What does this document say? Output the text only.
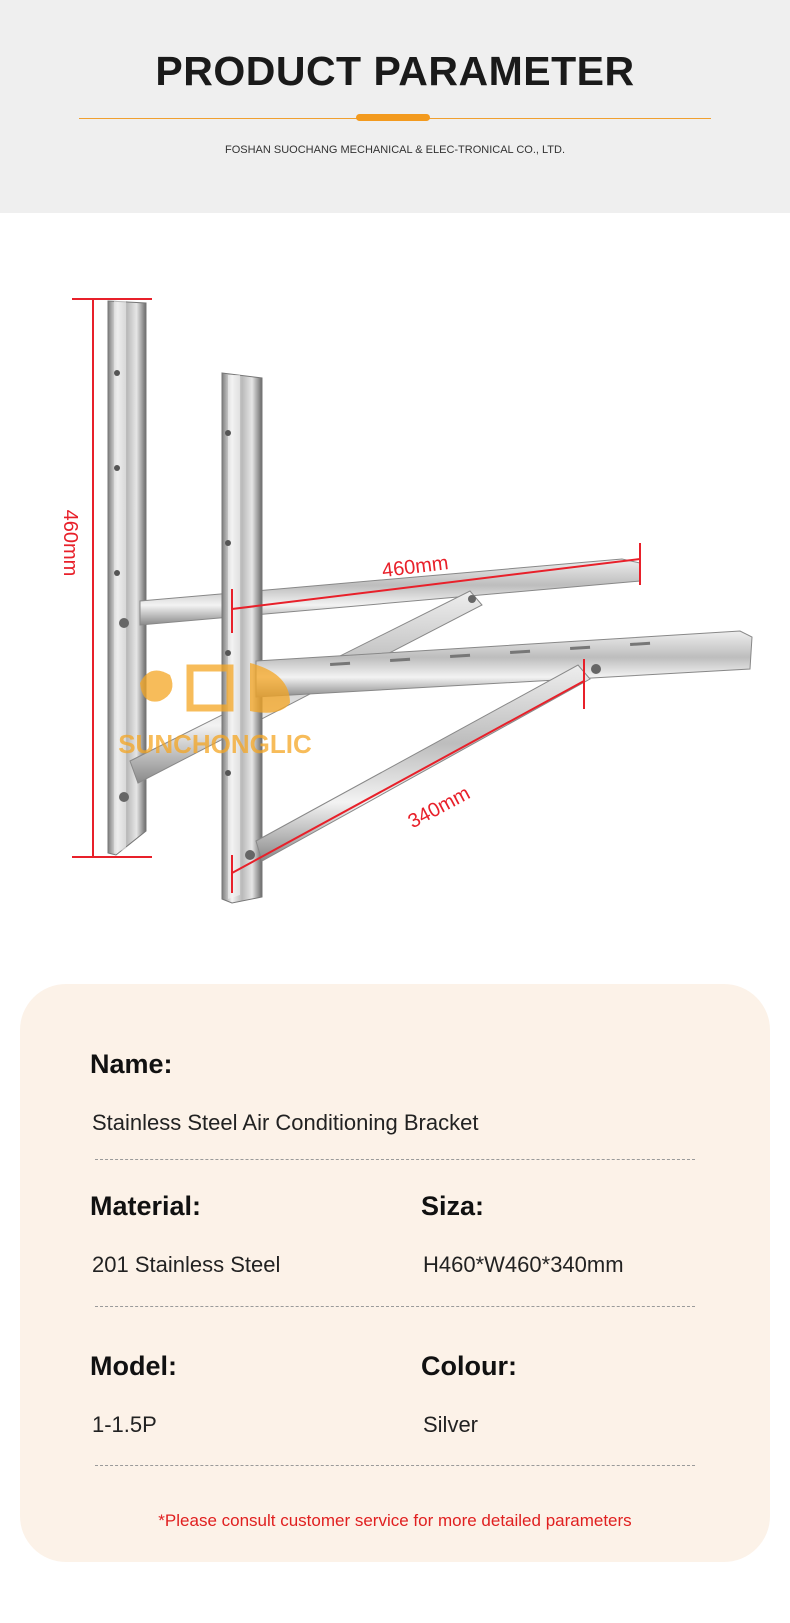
PRODUCT PARAMETER
FOSHAN SUOCHANG MECHANICAL & ELEC-TRONICAL CO., LTD.
460mm	460mm
340mm
SUNCHONGLIC
Name:
Stainless Steel Air Conditioning Bracket
Material:	Siza:
201 Stainless Steel	H460*W460*340mm
Model:	Colour:
1-1.5P	Silver
*Please consult customer service for more detailed parameters
